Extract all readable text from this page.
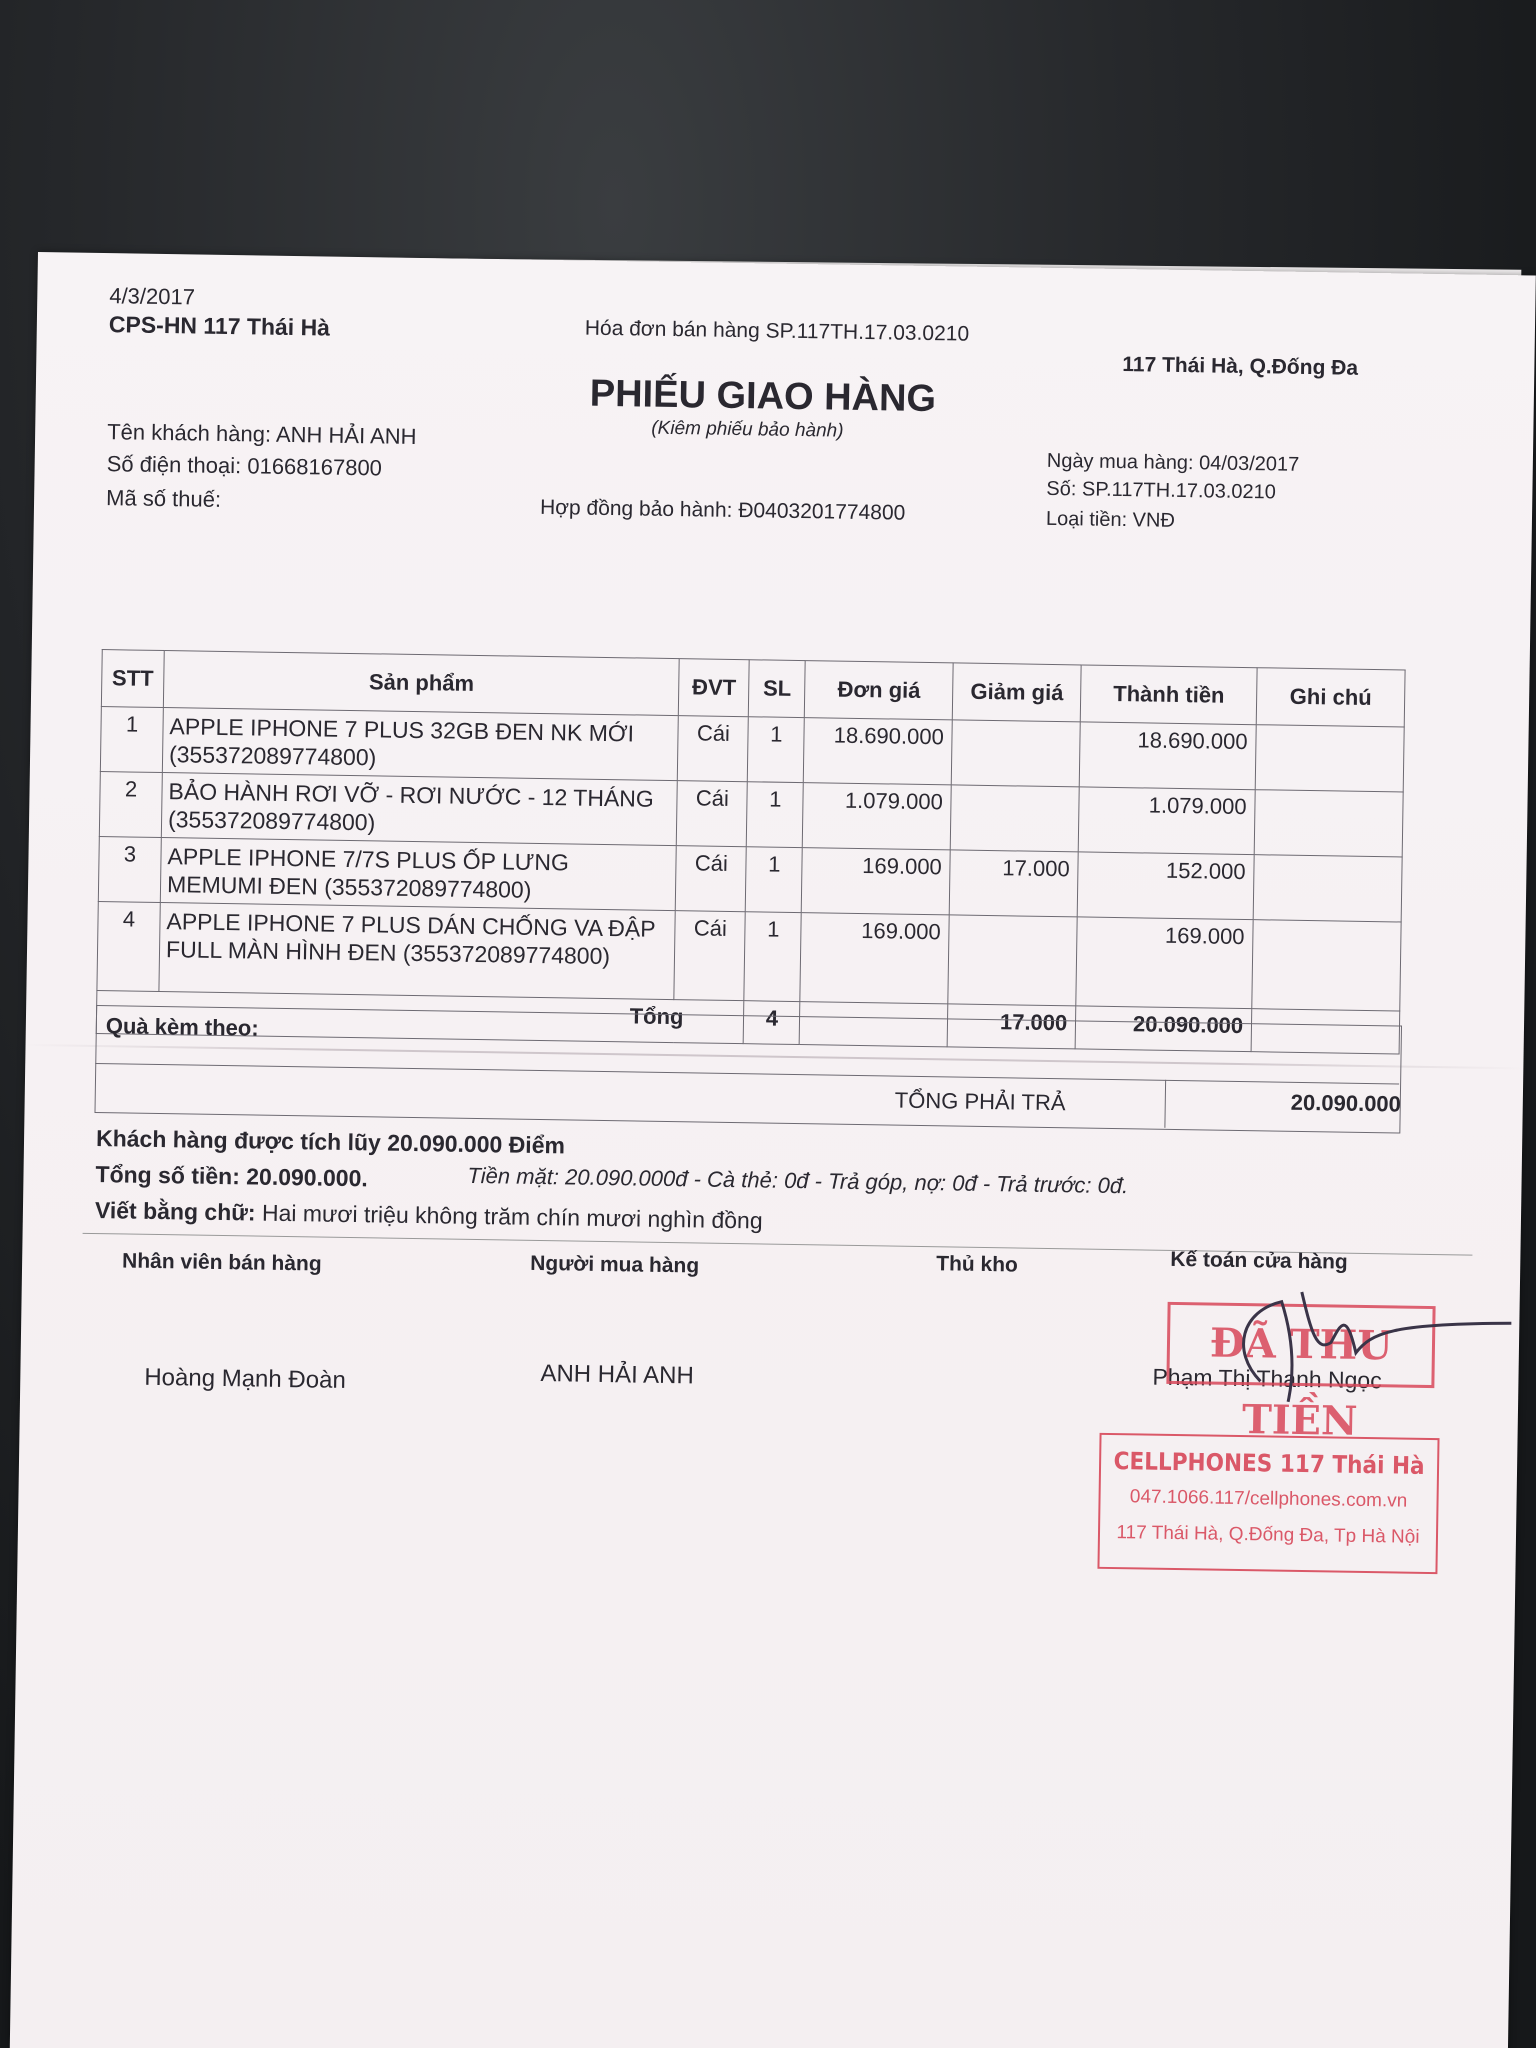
4/3/2017
CPS-HN 117 Thái Hà	Hóa đơn bán hàng SP.117TH.17.03.0210
117 Thái Hà, Q.Đống Đa
PHIẾU GIAO HÀNG
(Kiêm phiếu bảo hành)
Tên khách hàng: ANH HẢI ANH
Số điện thoại: 01668167800
Mã số thuế:	Hợp đồng bảo hành: Đ0403201774800
Ngày mua hàng: 04/03/2017
Số: SP.117TH.17.03.0210
Loại tiền: VNĐ
STT	Sản phẩm	ĐVT	SL	Đơn giá	Giảm giá	Thành tiền	Ghi chú
1	APPLE IPHONE 7 PLUS 32GB ĐEN NK MỚI (355372089774800)	Cái	1	18.690.000		18.690.000	
2	BẢO HÀNH RƠI VỠ - RƠI NƯỚC - 12 THÁNG (355372089774800)	Cái	1	1.079.000		1.079.000	
3	APPLE IPHONE 7/7S PLUS ỐP LƯNG MEMUMI ĐEN (355372089774800)	Cái	1	169.000	17.000	152.000	
4	APPLE IPHONE 7 PLUS DÁN CHỐNG VA ĐẬP FULL MÀN HÌNH ĐEN (355372089774800)	Cái	1	169.000		169.000	
Tổng			4		17.000	20.090.000	
Quà kèm theo:
TỔNG PHẢI TRẢ	20.090.000
Khách hàng được tích lũy 20.090.000 Điểm
Tổng số tiền: 20.090.000.	Tiền mặt: 20.090.000đ - Cà thẻ: 0đ - Trả góp, nợ: 0đ - Trả trước: 0đ.
Viết bằng chữ: Hai mươi triệu không trăm chín mươi nghìn đồng
Nhân viên bán hàng	Người mua hàng	Thủ kho	Kế toán cửa hàng
Hoàng Mạnh Đoàn	ANH HẢI ANH	Phạm Thị Thanh Ngọc
ĐÃ THU TIỀN
CELLPHONES 117 Thái Hà
047.1066.117/cellphones.com.vn
117 Thái Hà, Q.Đống Đa, Tp Hà Nội
